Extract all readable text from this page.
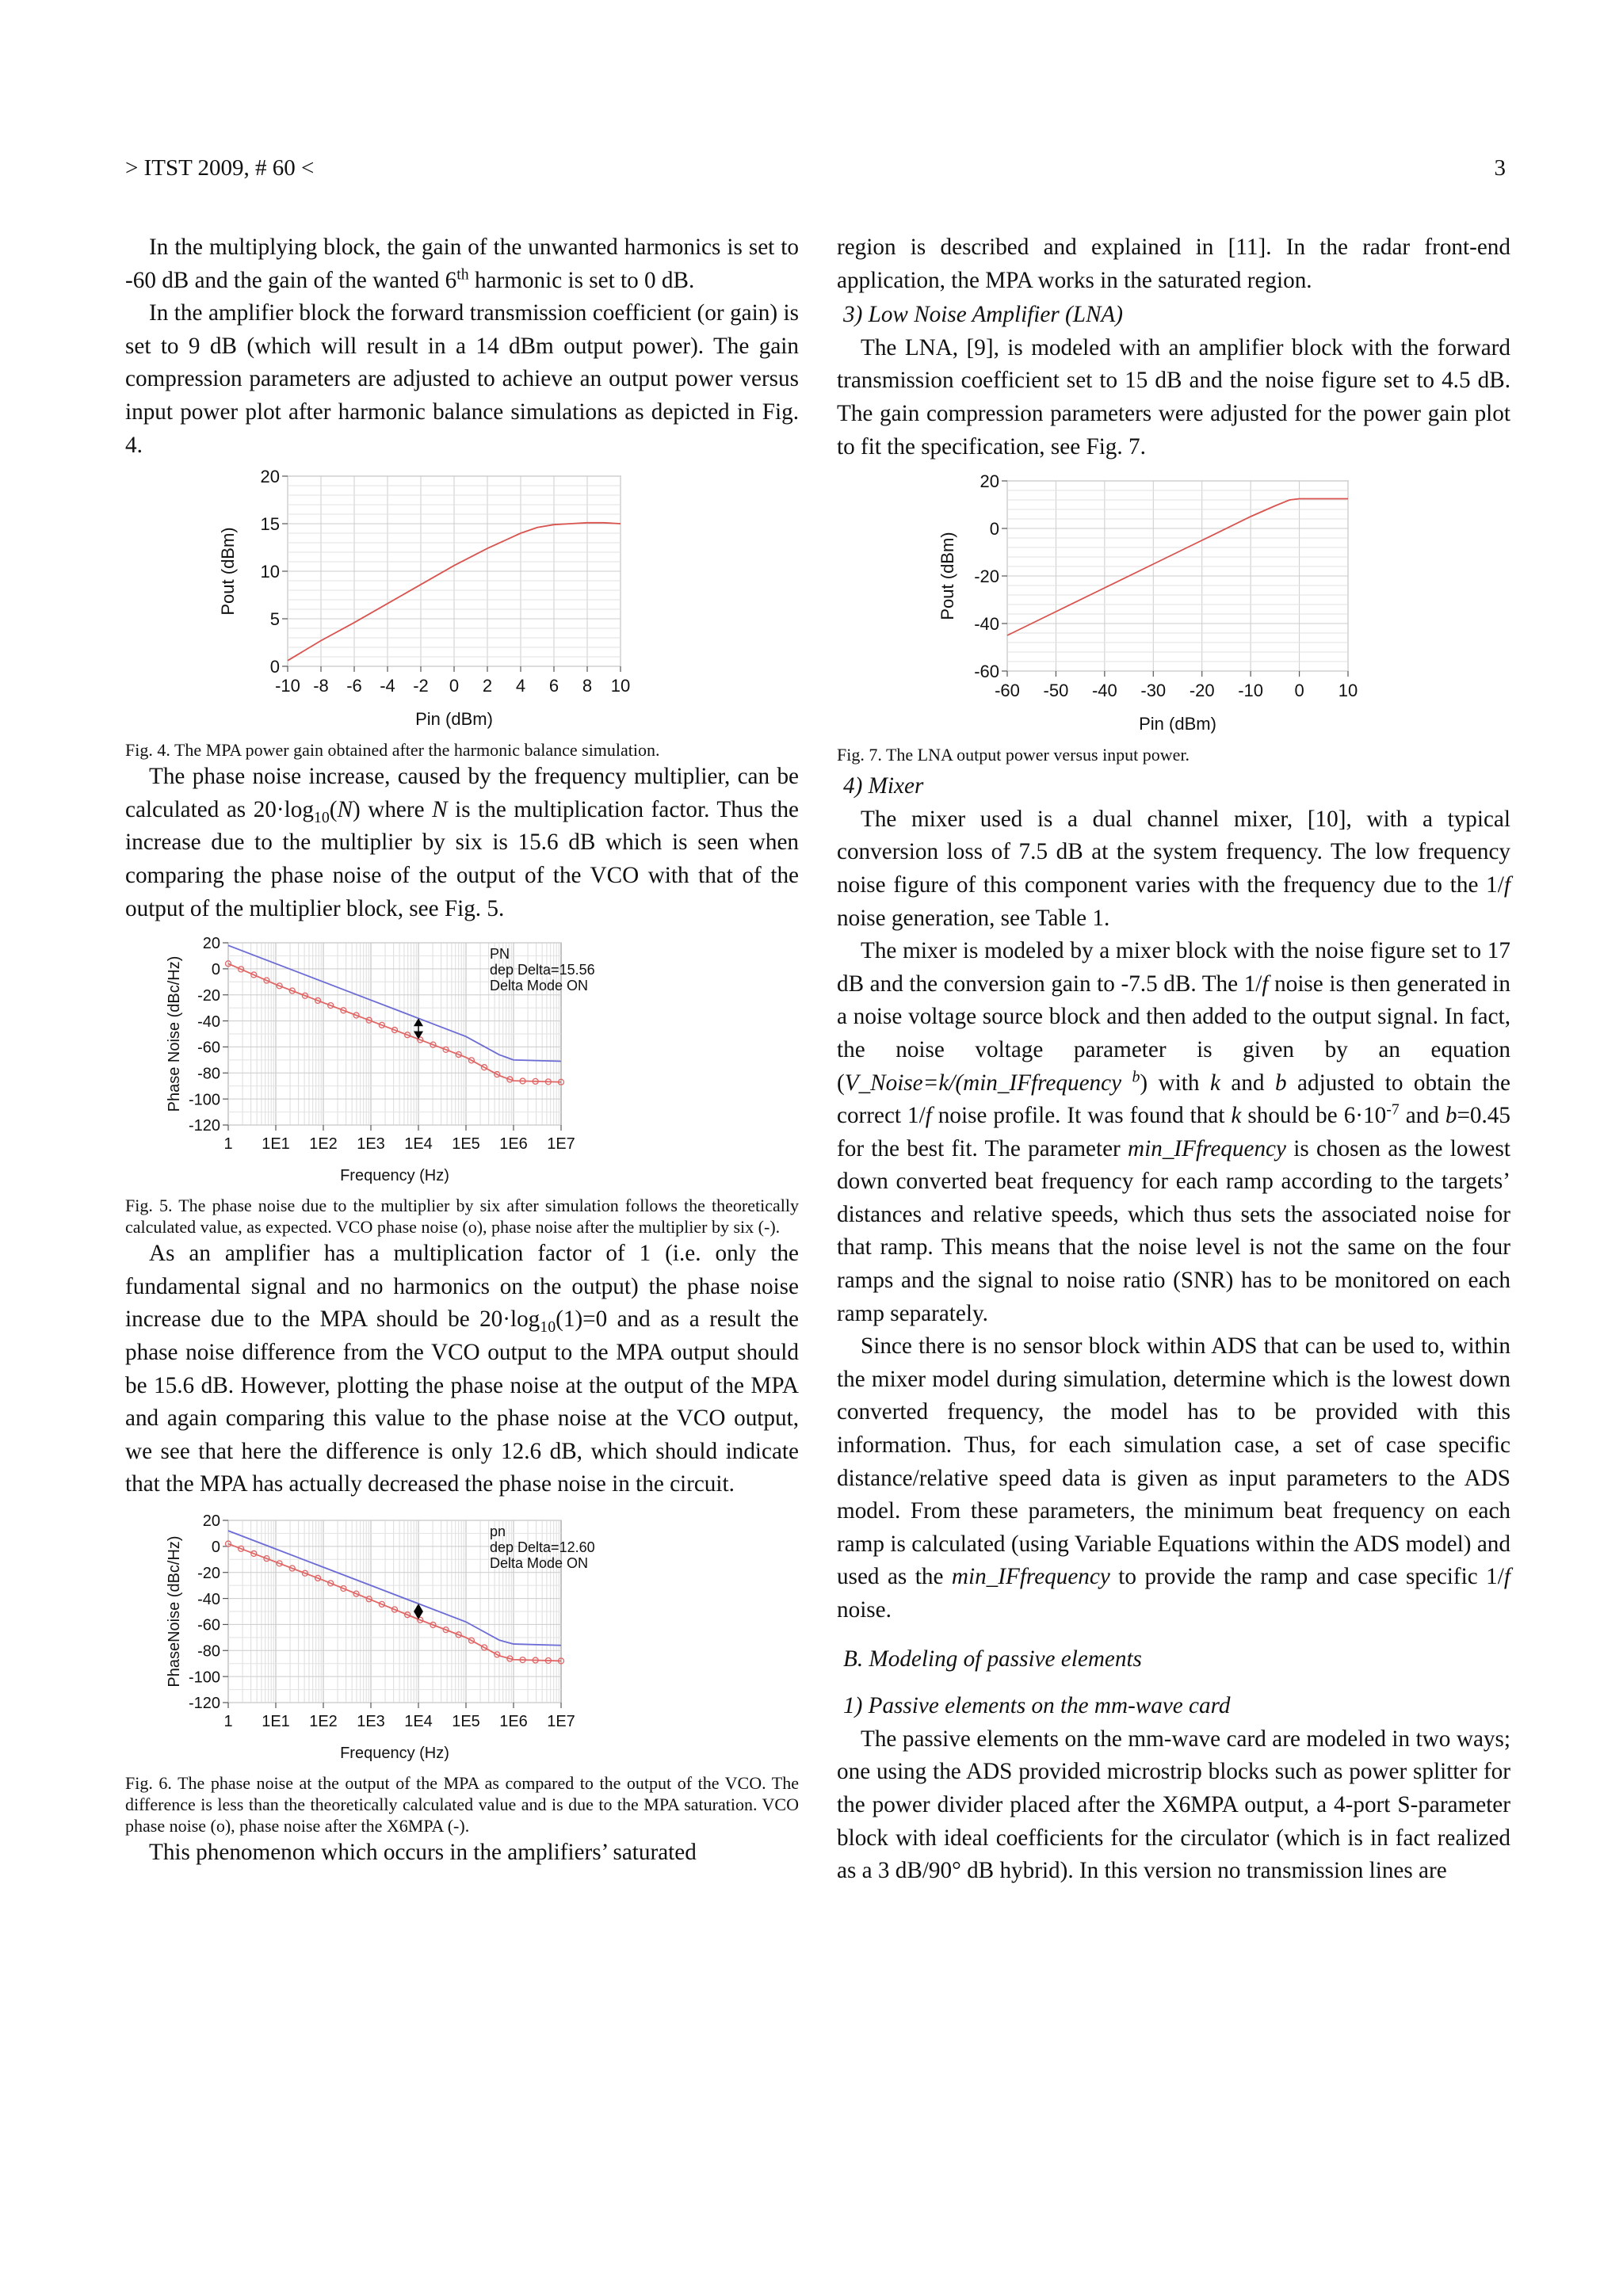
> ITST 2009, # 60 <	3

In the multiplying block, the gain of the unwanted harmonics is set to -60 dB and the gain of the wanted 6th harmonic is set to 0 dB.

In the amplifier block the forward transmission coefficient (or gain) is set to 9 dB (which will result in a 14 dBm output power). The gain compression parameters are adjusted to achieve an output power versus input power plot after harmonic balance simulations as depicted in Fig. 4.

-10 -8 -6 -4 -2 0 2 4 6 8 10
0
5
10
15
20
Pin (dBm)
Pout (dBm)

Fig. 4. The MPA power gain obtained after the harmonic balance simulation.

The phase noise increase, caused by the frequency multiplier, can be calculated as $20\cdot\log_{10}(N)$ where N is the multiplication factor. Thus the increase due to the multiplier by six is 15.6 dB which is seen when comparing the phase noise of the output of the VCO with that of the output of the multiplier block, see Fig. 5.

1 1E1 1E2 1E3 1E4 1E5 1E6 1E7
20
0
-20
-40
-60
-80
-100
-120
Frequency (Hz)
Phase Noise (dBc/Hz)
PN
dep Delta=15.56
Delta Mode ON

Fig. 5. The phase noise due to the multiplier by six after simulation follows the theoretically calculated value, as expected. VCO phase noise (o), phase noise after the multiplier by six (-).

As an amplifier has a multiplication factor of 1 (i.e. only the fundamental signal and no harmonics on the output) the phase noise increase due to the MPA should be $20\cdot\log_{10}(1)=0$ and as a result the phase noise difference from the VCO output to the MPA output should be 15.6 dB. However, plotting the phase noise at the output of the MPA and again comparing this value to the phase noise at the VCO output, we see that here the difference is only 12.6 dB, which should indicate that the MPA has actually decreased the phase noise in the circuit.

1 1E1 1E2 1E3 1E4 1E5 1E6 1E7
20
0
-20
-40
-60
-80
-100
-120
Frequency (Hz)
PhaseNoise (dBc/Hz)
pn
dep Delta=12.60
Delta Mode ON

Fig. 6. The phase noise at the output of the MPA as compared to the output of the VCO. The difference is less than the theoretically calculated value and is due to the MPA saturation. VCO phase noise (o), phase noise after the X6MPA (-).

This phenomenon which occurs in the amplifiers’ saturated

region is described and explained in [11]. In the radar front-end application, the MPA works in the saturated region.

3) Low Noise Amplifier (LNA)

The LNA, [9], is modeled with an amplifier block with the forward transmission coefficient set to 15 dB and the noise figure set to 4.5 dB. The gain compression parameters were adjusted for the power gain plot to fit the specification, see Fig. 7.

-60 -50 -40 -30 -20 -10 0 10
20
0
-20
-40
-60
Pin (dBm)
Pout (dBm)

Fig. 7. The LNA output power versus input power.

4) Mixer

The mixer used is a dual channel mixer, [10], with a typical conversion loss of 7.5 dB at the system frequency. The low frequency noise figure of this component varies with the frequency due to the 1/f noise generation, see Table 1.

The mixer is modeled by a mixer block with the noise figure set to 17 dB and the conversion gain to -7.5 dB. The 1/f noise is then generated in a noise voltage source block and then added to the output signal. In fact, the noise voltage parameter is given by an equation (V_Noise=k/(min_IFfrequency $^b$) with k and b adjusted to obtain the correct 1/f noise profile. It was found that k should be $6\cdot 10^{-7}$ and b=0.45 for the best fit. The parameter min_IFfrequency is chosen as the lowest down converted beat frequency for each ramp according to the targets’ distances and relative speeds, which thus sets the associated noise for that ramp. This means that the noise level is not the same on the four ramps and the signal to noise ratio (SNR) has to be monitored on each ramp separately.

Since there is no sensor block within ADS that can be used to, within the mixer model during simulation, determine which is the lowest down converted frequency, the model has to be provided with this information. Thus, for each simulation case, a set of case specific distance/relative speed data is given as input parameters to the ADS model. From these parameters, the minimum beat frequency on each ramp is calculated (using Variable Equations within the ADS model) and used as the min_IFfrequency to provide the ramp and case specific 1/f noise.

B. Modeling of passive elements

1) Passive elements on the mm-wave card

The passive elements on the mm-wave card are modeled in two ways; one using the ADS provided microstrip blocks such as power splitter for the power divider placed after the X6MPA output, a 4-port S-parameter block with ideal coefficients for the circulator (which is in fact realized as a 3 dB/90° dB hybrid). In this version no transmission lines are
